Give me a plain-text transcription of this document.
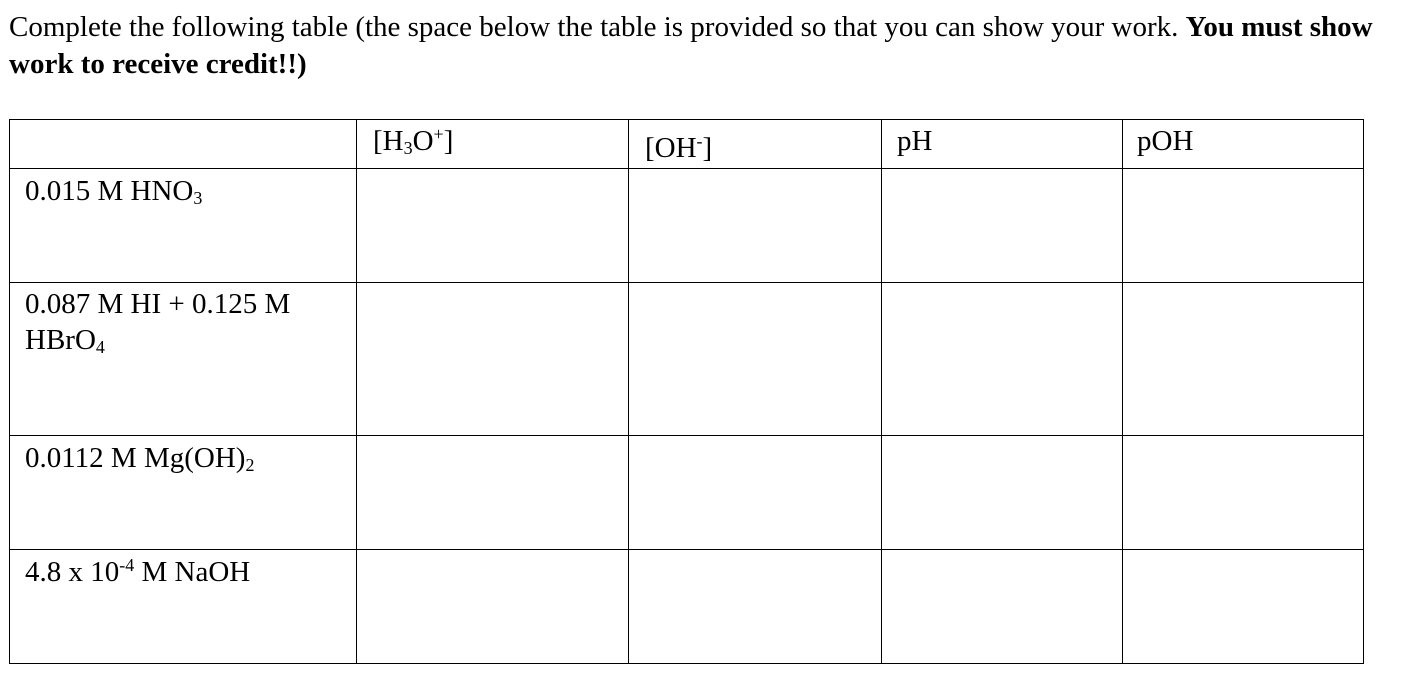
Complete the following table (the space below the table is provided so that you can show your work. You must show work to receive credit!!)

	$[H_3O^+]$	[OH-]	pH	pOH

0.015 M $HNO_3$

0.087 M HI + 0.125 M HBrO$_4$

0.0112 M $Mg(OH)_2$

4.8 x $10^{-4}$ M NaOH				
